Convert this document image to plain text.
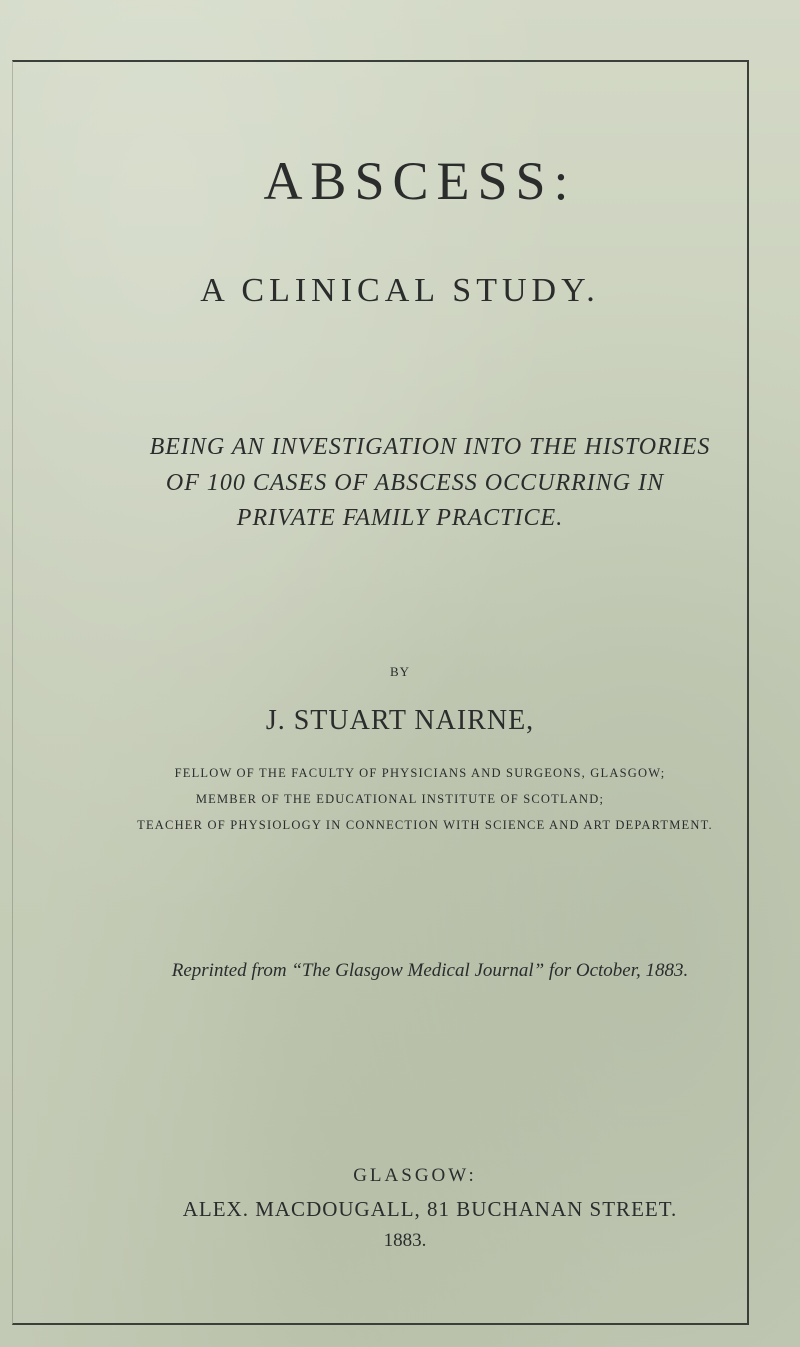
ABSCESS:
A CLINICAL STUDY.
BEING AN INVESTIGATION INTO THE HISTORIES
OF 100 CASES OF ABSCESS OCCURRING IN
PRIVATE FAMILY PRACTICE.
BY
J. STUART NAIRNE,
FELLOW OF THE FACULTY OF PHYSICIANS AND SURGEONS, GLASGOW;
MEMBER OF THE EDUCATIONAL INSTITUTE OF SCOTLAND;
TEACHER OF PHYSIOLOGY IN CONNECTION WITH SCIENCE AND ART DEPARTMENT.
Reprinted from “The Glasgow Medical Journal” for October, 1883.
GLASGOW:
ALEX. MACDOUGALL, 81 BUCHANAN STREET.
1883.
